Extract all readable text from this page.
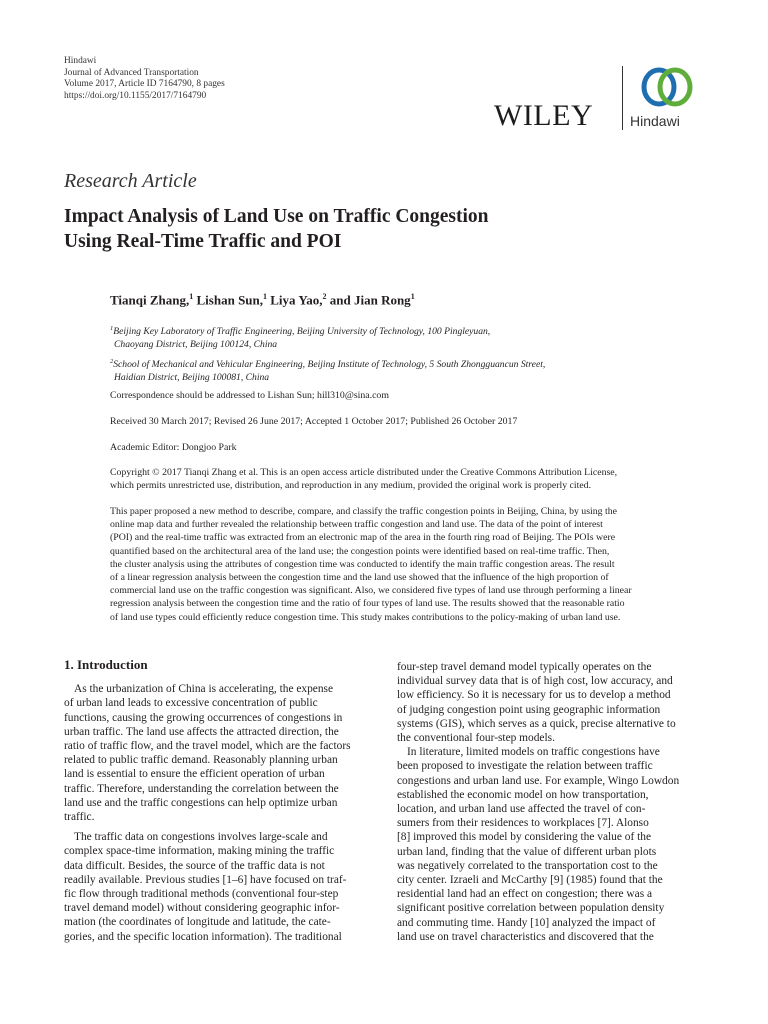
Hindawi
Journal of Advanced Transportation
Volume 2017, Article ID 7164790, 8 pages
https://doi.org/10.1155/2017/7164790
WILEY	Hindawi
Research Article
Impact Analysis of Land Use on Traffic Congestion
Using Real-Time Traffic and POI
Tianqi Zhang,$^1$ Lishan Sun,$^1$ Liya Yao,$^2$ and Jian Rong$^1$
$^1$Beijing Key Laboratory of Traffic Engineering, Beijing University of Technology, 100 Pingleyuan,
Chaoyang District, Beijing 100124, China
$^2$School of Mechanical and Vehicular Engineering, Beijing Institute of Technology, 5 South Zhongguancun Street,
Haidian District, Beijing 100081, China
Correspondence should be addressed to Lishan Sun; hill310@sina.com
Received 30 March 2017; Revised 26 June 2017; Accepted 1 October 2017; Published 26 October 2017
Academic Editor: Dongjoo Park
Copyright © 2017 Tianqi Zhang et al. This is an open access article distributed under the Creative Commons Attribution License,
which permits unrestricted use, distribution, and reproduction in any medium, provided the original work is properly cited.
This paper proposed a new method to describe, compare, and classify the traffic congestion points in Beijing, China, by using the
online map data and further revealed the relationship between traffic congestion and land use. The data of the point of interest
(POI) and the real-time traffic was extracted from an electronic map of the area in the fourth ring road of Beijing. The POIs were
quantified based on the architectural area of the land use; the congestion points were identified based on real-time traffic. Then,
the cluster analysis using the attributes of congestion time was conducted to identify the main traffic congestion areas. The result
of a linear regression analysis between the congestion time and the land use showed that the influence of the high proportion of
commercial land use on the traffic congestion was significant. Also, we considered five types of land use through performing a linear
regression analysis between the congestion time and the ratio of four types of land use. The results showed that the reasonable ratio
of land use types could efficiently reduce congestion time. This study makes contributions to the policy-making of urban land use.
1. Introduction
As the urbanization of China is accelerating, the expense
of urban land leads to excessive concentration of public
functions, causing the growing occurrences of congestions in
urban traffic. The land use affects the attracted direction, the
ratio of traffic flow, and the travel model, which are the factors
related to public traffic demand. Reasonably planning urban
land is essential to ensure the efficient operation of urban
traffic. Therefore, understanding the correlation between the
land use and the traffic congestions can help optimize urban
traffic.
The traffic data on congestions involves large-scale and
complex space-time information, making mining the traffic
data difficult. Besides, the source of the traffic data is not
readily available. Previous studies [1–6] have focused on traf-
fic flow through traditional methods (conventional four-step
travel demand model) without considering geographic infor-
mation (the coordinates of longitude and latitude, the cate-
gories, and the specific location information). The traditional
four-step travel demand model typically operates on the
individual survey data that is of high cost, low accuracy, and
low efficiency. So it is necessary for us to develop a method
of judging congestion point using geographic information
systems (GIS), which serves as a quick, precise alternative to
the conventional four-step models.
In literature, limited models on traffic congestions have
been proposed to investigate the relation between traffic
congestions and urban land use. For example, Wingo Lowdon
established the economic model on how transportation,
location, and urban land use affected the travel of con-
sumers from their residences to workplaces [7]. Alonso
[8] improved this model by considering the value of the
urban land, finding that the value of different urban plots
was negatively correlated to the transportation cost to the
city center. Izraeli and McCarthy [9] (1985) found that the
residential land had an effect on congestion; there was a
significant positive correlation between population density
and commuting time. Handy [10] analyzed the impact of
land use on travel characteristics and discovered that the
